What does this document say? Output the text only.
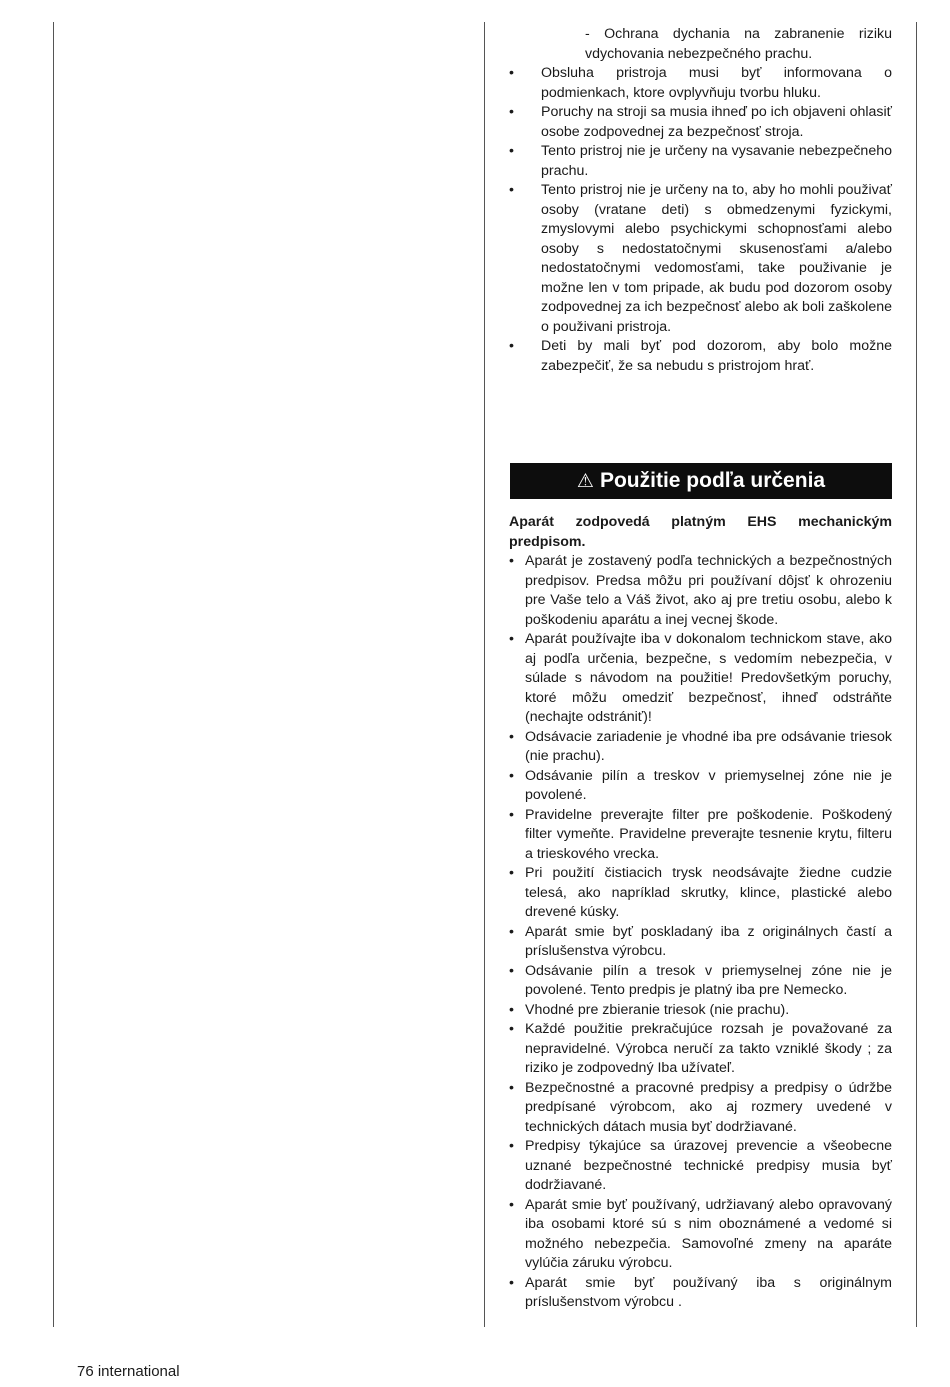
- Ochrana dychania na zabranenie riziku vdychovania nebezpečného prachu.
• Obsluha pristroja musi byť informovana o podmienkach, ktore ovplyvňuju tvorbu hluku.
• Poruchy na stroji sa musia ihneď po ich objaveni ohlasiť osobe zodpovednej za bezpečnosť stroja.
• Tento pristroj nie je určeny na vysavanie nebezpečneho prachu.
• Tento pristroj nie je určeny na to, aby ho mohli použivať osoby (vratane deti) s obmedzenymi fyzickymi, zmyslovymi alebo psychickymi schopnosťami alebo osoby s nedostatočnymi skusenosťami a/alebo nedostatočnymi vedomosťami, take použivanie je možne len v tom pripade, ak budu pod dozorom osoby zodpovednej za ich bezpečnosť alebo ak boli zaškolene o použivani pristroja.
• Deti by mali byť pod dozorom, aby bolo možne zabezpečiť, že sa nebudu s pristrojom hrať.
⚠ Použitie podľa určenia

Aparát zodpovedá platným EHS mechanickým predpisom.

• Aparát je zostavený podľa technických a bezpečnostných predpisov. Predsa môžu pri používaní dôjsť k ohrozeniu pre Vaše telo a Váš život, ako aj pre tretiu osobu, alebo k poškodeniu aparátu a inej vecnej škode.
• Aparát používajte iba v dokonalom technickom stave, ako aj podľa určenia, bezpečne, s vedomím nebezpečia, v súlade s návodom na použitie! Predovšetkým poruchy, ktoré môžu omedziť bezpečnosť, ihneď odstráňte (nechajte odstrániť)!
• Odsávacie zariadenie je vhodné iba pre odsávanie triesok (nie prachu).
• Odsávanie pilín a treskov v priemyselnej zóne nie je povolené.
• Pravidelne preverajte filter pre poškodenie. Poškodený filter vymeňte. Pravidelne preverajte tesnenie krytu, filteru a trieskového vrecka.
• Pri použití čistiacich trysk neodsávajte žiedne cudzie telesá, ako napríklad skrutky, klince, plastické alebo drevené kúsky.
• Aparát smie byť poskladaný iba z originálnych častí a príslušenstva výrobcu.
• Odsávanie pilín a tresok v priemyselnej zóne nie je povolené. Tento predpis je platný iba pre Nemecko.
• Vhodné pre zbieranie triesok (nie prachu).
• Každé použitie prekračujúce rozsah je považované za nepravidelné. Výrobca neručí za takto vzniklé škody ; za riziko je zodpovedný Iba užívateľ.
• Bezpečnostné a pracovné predpisy a predpisy o údržbe predpísané výrobcom, ako aj rozmery uvedené v technických dátach musia byť dodržiavané.
• Predpisy týkajúce sa úrazovej prevencie a všeobecne uznané bezpečnostné technické predpisy musia byť dodržiavané.
• Aparát smie byť používaný, udržiavaný alebo opravovaný iba osobami ktoré sú s nim oboznámené a vedomé si možného nebezpečia. Samovoľné zmeny na aparáte vylúčia záruku výrobcu.
• Aparát smie byť používaný iba s originálnym príslušenstvom výrobcu .
76 international
